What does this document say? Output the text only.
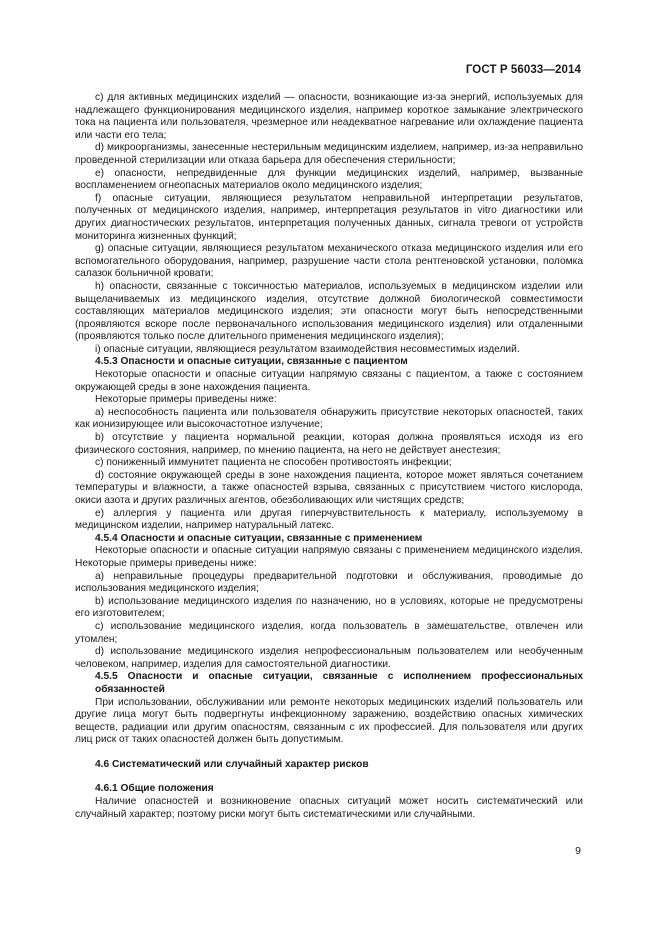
ГОСТ Р 56033—2014

c) для активных медицинских изделий — опасности, возникающие из-за энергий, используемых для надлежащего функционирования медицинского изделия, например короткое замыкание электрического тока на пациента или пользователя, чрезмерное или неадекватное нагревание или охлаждение пациента или части его тела;

d) микроорганизмы, занесенные нестерильным медицинским изделием, например, из-за неправильно проведенной стерилизации или отказа барьера для обеспечения стерильности;

e) опасности, непредвиденные для функции медицинских изделий, например, вызванные воспламенением огнеопасных материалов около медицинского изделия;

f) опасные ситуации, являющиеся результатом неправильной интерпретации результатов, полученных от медицинского изделия, например, интерпретация результатов in vitro диагностики или других диагностических результатов, интерпретация полученных данных, сигнала тревоги от устройств мониторинга жизненных функций;

g) опасные ситуации, являющиеся результатом механического отказа медицинского изделия или его вспомогательного оборудования, например, разрушение части стола рентгеновской установки, поломка салазок больничной кровати;

h) опасности, связанные с токсичностью материалов, используемых в медицинском изделии или выщелачиваемых из медицинского изделия, отсутствие должной биологической совместимости составляющих материалов медицинского изделия; эти опасности могут быть непосредственными (проявляются вскоре после первоначального использования медицинского изделия) или отдаленными (проявляются только после длительного применения медицинского изделия);

i) опасные ситуации, являющиеся результатом взаимодействия несовместимых изделий.

4.5.3 Опасности и опасные ситуации, связанные с пациентом

Некоторые опасности и опасные ситуации напрямую связаны с пациентом, а также с состоянием окружающей среды в зоне нахождения пациента.

Некоторые примеры приведены ниже:

a) неспособность пациента или пользователя обнаружить присутствие некоторых опасностей, таких как ионизирующее или высокочастотное излучение;

b) отсутствие у пациента нормальной реакции, которая должна проявляться исходя из его физического состояния, например, по мнению пациента, на него не действует анестезия;

c) пониженный иммунитет пациента не способен противостоять инфекции;

d) состояние окружающей среды в зоне нахождения пациента, которое может являться сочетанием температуры и влажности, а также опасностей взрыва, связанных с присутствием чистого кислорода, окиси азота и других различных агентов, обезболивающих или чистящих средств;

e) аллергия у пациента или другая гиперчувствительность к материалу, используемому в медицинском изделии, например натуральный латекс.

4.5.4 Опасности и опасные ситуации, связанные с применением

Некоторые опасности и опасные ситуации напрямую связаны с применением медицинского изделия. Некоторые примеры приведены ниже:

a) неправильные процедуры предварительной подготовки и обслуживания, проводимые до использования медицинского изделия;

b) использование медицинского изделия по назначению, но в условиях, которые не предусмотрены его изготовителем;

c) использование медицинского изделия, когда пользователь в замешательстве, отвлечен или утомлен;

d) использование медицинского изделия непрофессиональным пользователем или необученным человеком, например, изделия для самостоятельной диагностики.

4.5.5 Опасности и опасные ситуации, связанные с исполнением профессиональных обязанностей

При использовании, обслуживании или ремонте некоторых медицинских изделий пользователь или другие лица могут быть подвергнуты инфекционному заражению, воздействию опасных химических веществ, радиации или другим опасностям, связанным с их профессией. Для пользователя или других лиц риск от таких опасностей должен быть допустимым.

4.6 Систематический или случайный характер рисков

4.6.1 Общие положения

Наличие опасностей и возникновение опасных ситуаций может носить систематический или случайный характер; поэтому риски могут быть систематическими или случайными.

9
